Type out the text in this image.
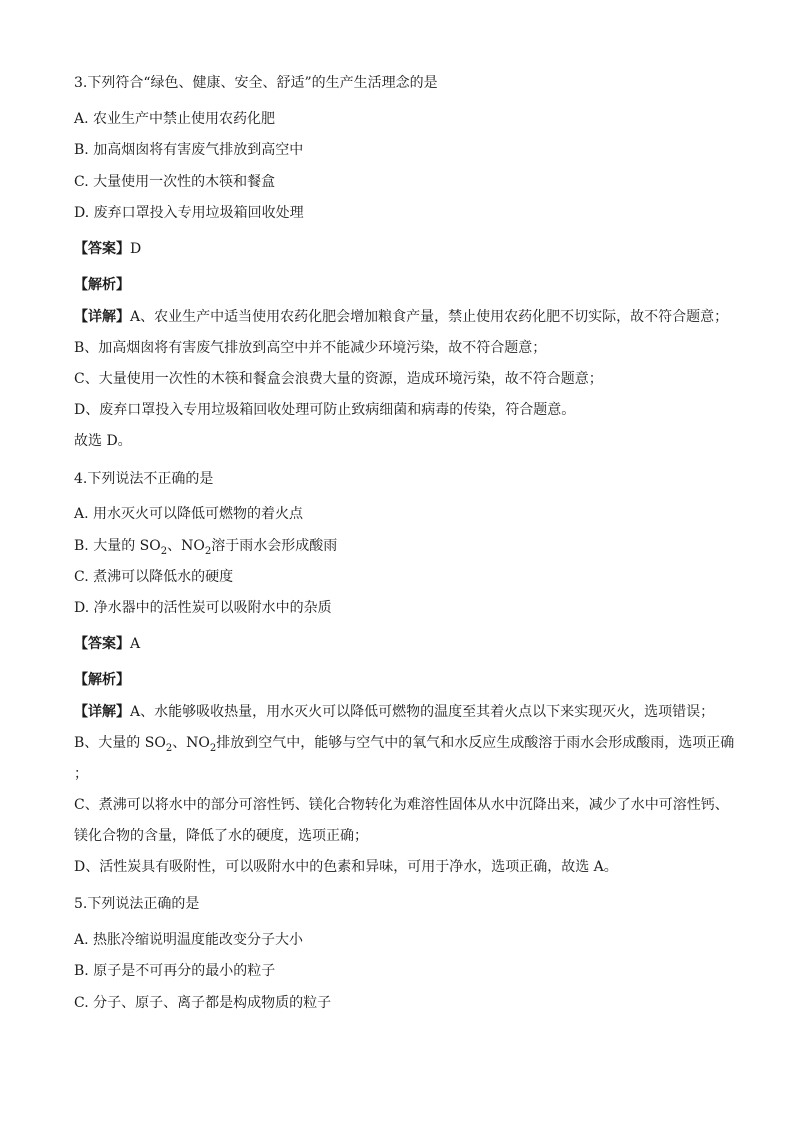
3.下列符合“绿色、健康、安全、舒适”的生产生活理念的是
A. 农业生产中禁止使用农药化肥
B. 加高烟囱将有害废气排放到高空中
C. 大量使用一次性的木筷和餐盒
D. 废弃口罩投入专用垃圾箱回收处理
【答案】D
【解析】
【详解】A、农业生产中适当使用农药化肥会增加粮食产量，禁止使用农药化肥不切实际，故不符合题意；
B、加高烟囱将有害废气排放到高空中并不能减少环境污染，故不符合题意；
C、大量使用一次性的木筷和餐盒会浪费大量的资源，造成环境污染，故不符合题意；
D、废弃口罩投入专用垃圾箱回收处理可防止致病细菌和病毒的传染，符合题意。
故选 D。
4.下列说法不正确的是
A. 用水灭火可以降低可燃物的着火点
B. 大量的 $SO_2$、$NO_2$溶于雨水会形成酸雨
C. 煮沸可以降低水的硬度
D. 净水器中的活性炭可以吸附水中的杂质
【答案】A
【解析】
【详解】A、水能够吸收热量，用水灭火可以降低可燃物的温度至其着火点以下来实现灭火，选项错误；
B、大量的 $SO_2$、$NO_2$排放到空气中，能够与空气中的氧气和水反应生成酸溶于雨水会形成酸雨，选项正确
；
C、煮沸可以将水中的部分可溶性钙、镁化合物转化为难溶性固体从水中沉降出来，减少了水中可溶性钙、
镁化合物的含量，降低了水的硬度，选项正确；
D、活性炭具有吸附性，可以吸附水中的色素和异味，可用于净水，选项正确，故选 A。
5.下列说法正确的是
A. 热胀冷缩说明温度能改变分子大小
B. 原子是不可再分的最小的粒子
C. 分子、原子、离子都是构成物质的粒子
